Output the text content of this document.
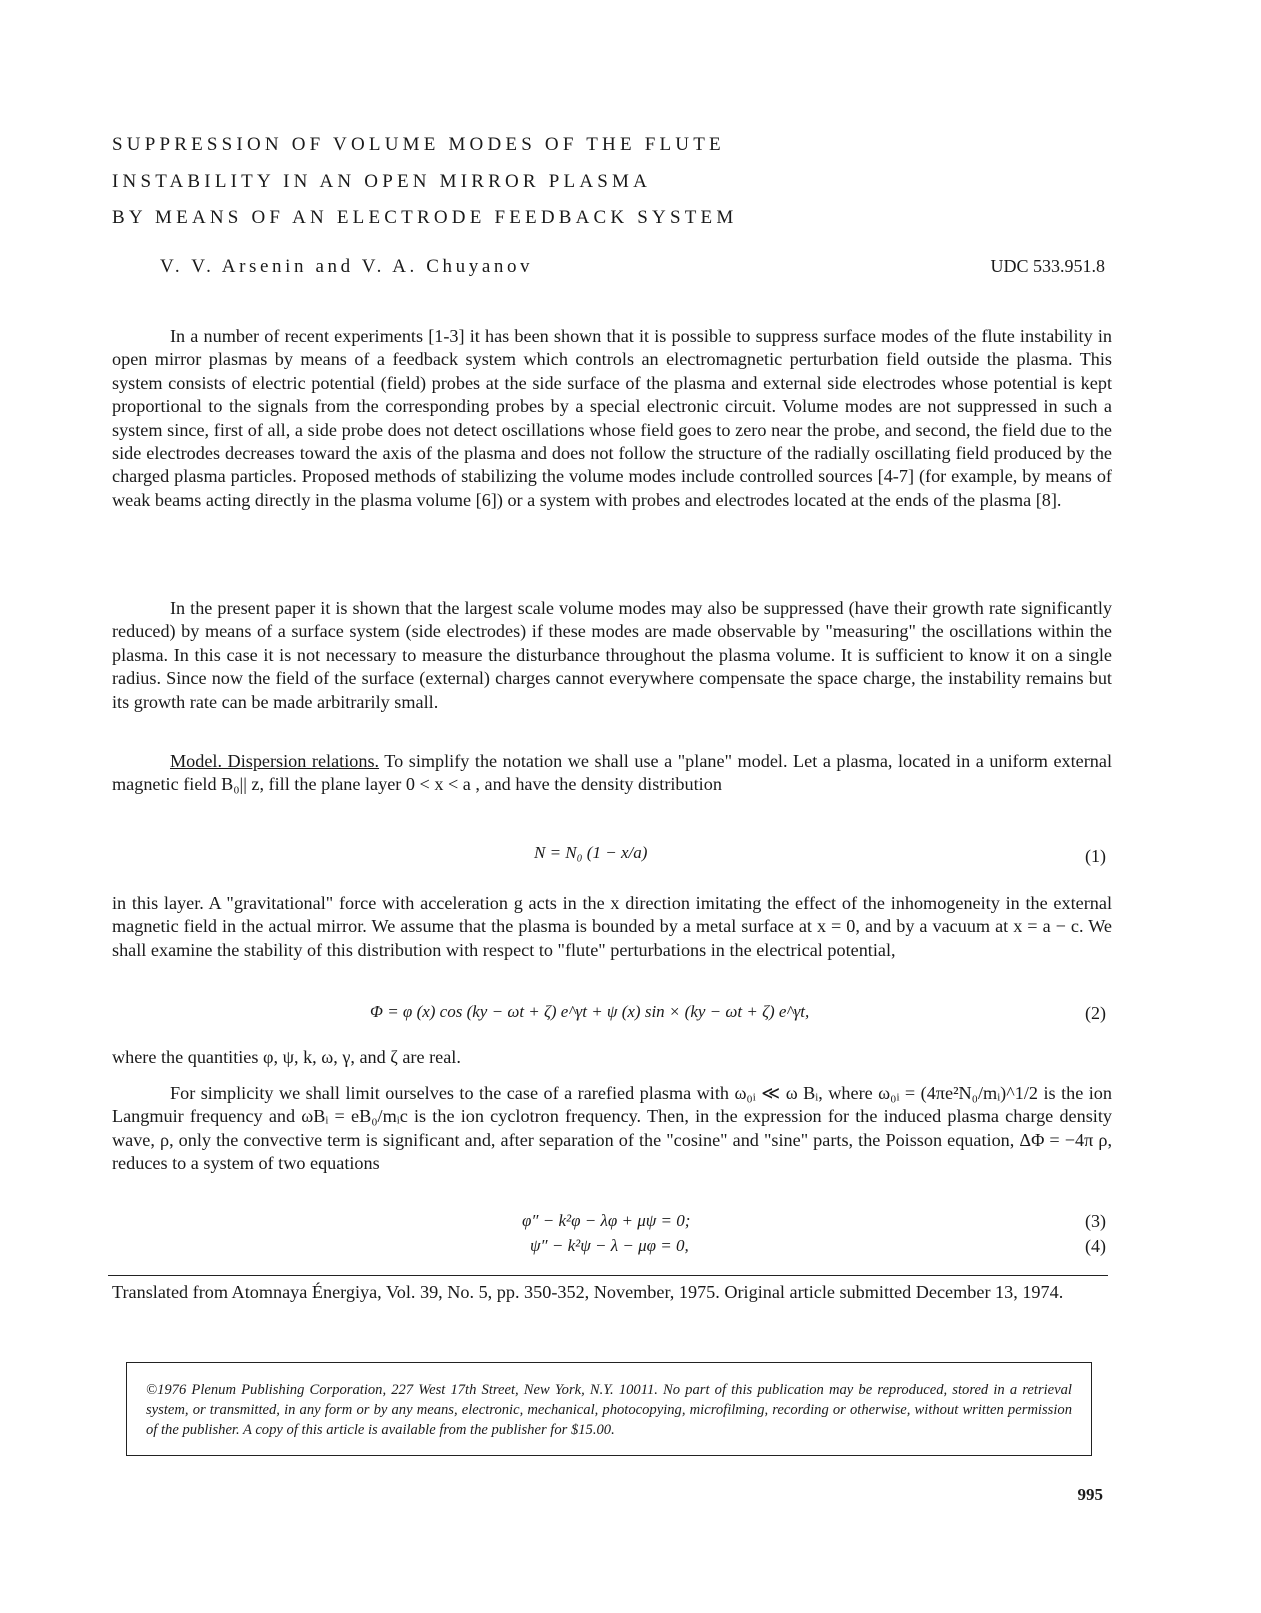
SUPPRESSION OF VOLUME MODES OF THE FLUTE
INSTABILITY IN AN OPEN MIRROR PLASMA
BY MEANS OF AN ELECTRODE FEEDBACK SYSTEM
V. V. Arsenin and V. A. Chuyanov	UDC 533.951.8

In a number of recent experiments [1-3] it has been shown that it is possible to suppress surface modes of the flute instability in open mirror plasmas by means of a feedback system which controls an electromagnetic perturbation field outside the plasma. This system consists of electric potential (field) probes at the side surface of the plasma and external side electrodes whose potential is kept proportional to the signals from the corresponding probes by a special electronic circuit. Volume modes are not suppressed in such a system since, first of all, a side probe does not detect oscillations whose field goes to zero near the probe, and second, the field due to the side electrodes decreases toward the axis of the plasma and does not follow the structure of the radially oscillating field produced by the charged plasma particles. Proposed methods of stabilizing the volume modes include controlled sources [4-7] (for example, by means of weak beams acting directly in the plasma volume [6]) or a system with probes and electrodes located at the ends of the plasma [8].

In the present paper it is shown that the largest scale volume modes may also be suppressed (have their growth rate significantly reduced) by means of a surface system (side electrodes) if these modes are made observable by "measuring" the oscillations within the plasma. In this case it is not necessary to measure the disturbance throughout the plasma volume. It is sufficient to know it on a single radius. Since now the field of the surface (external) charges cannot everywhere compensate the space charge, the instability remains but its growth rate can be made arbitrarily small.

Model. Dispersion relations. To simplify the notation we shall use a "plane" model. Let a plasma, located in a uniform external magnetic field B₀|| z, fill the plane layer 0 < x < a , and have the density distribution

N = N₀ (1 − x/a)	(1)

in this layer. A "gravitational" force with acceleration g acts in the x direction imitating the effect of the inhomogeneity in the external magnetic field in the actual mirror. We assume that the plasma is bounded by a metal surface at x = 0, and by a vacuum at x = a − c. We shall examine the stability of this distribution with respect to "flute" perturbations in the electrical potential,

Φ = φ (x) cos (ky − ωt + ζ) e^γt + ψ (x) sin × (ky − ωt + ζ) e^γt,	(2)

where the quantities φ, ψ, k, ω, γ, and ζ are real.

For simplicity we shall limit ourselves to the case of a rarefied plasma with ω₀ᵢ ≪ ω Bᵢ, where ω₀ᵢ = (4πe²N₀/mᵢ)^1/2 is the ion Langmuir frequency and ωBᵢ = eB₀/mᵢc is the ion cyclotron frequency. Then, in the expression for the induced plasma charge density wave, ρ, only the convective term is significant and, after separation of the "cosine" and "sine" parts, the Poisson equation, ΔΦ = −4π ρ, reduces to a system of two equations

φ″ − k²φ − λφ + μψ = 0;	(3)
ψ″ − k²ψ − λ − μφ = 0,	(4)
Translated from Atomnaya Énergiya, Vol. 39, No. 5, pp. 350-352, November, 1975. Original article submitted December 13, 1974.
©1976 Plenum Publishing Corporation, 227 West 17th Street, New York, N.Y. 10011. No part of this publication may be reproduced, stored in a retrieval system, or transmitted, in any form or by any means, electronic, mechanical, photocopying, microfilming, recording or otherwise, without written permission of the publisher. A copy of this article is available from the publisher for $15.00.
995
